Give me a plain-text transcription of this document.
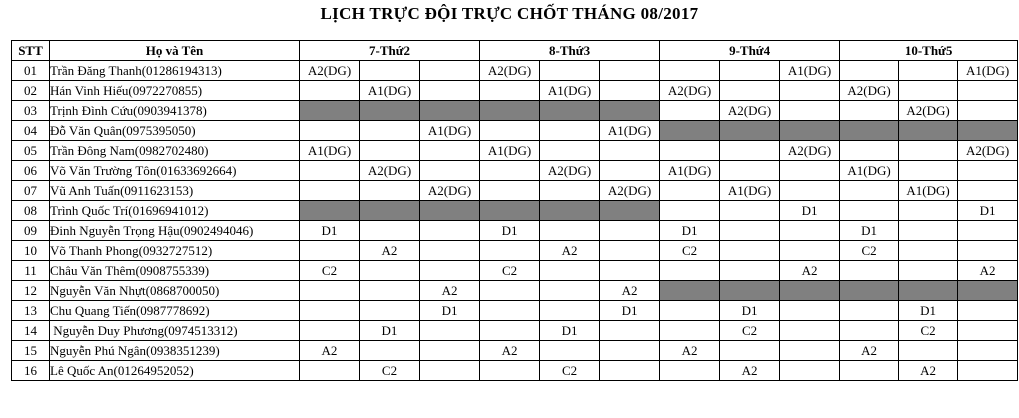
LỊCH TRỰC ĐỘI TRỰC CHỐT THÁNG 08/2017
STT	Họ và Tên	7-Thứ2			8-Thứ3			9-Thứ4			10-Thứ5		
01	Trần Đăng Thanh(01286194313)	A2(DG)			A2(DG)					A1(DG)			A1(DG)
02	Hán Vinh Hiếu(0972270855)		A1(DG)			A1(DG)		A2(DG)			A2(DG)		
03	Trịnh Đình Cứu(0903941378)								A2(DG)			A2(DG)	
04	Đỗ Văn Quân(0975395050)			A1(DG)			A1(DG)						
05	Trần Đông Nam(0982702480)	A1(DG)			A1(DG)					A2(DG)			A2(DG)
06	Võ Văn Trường Tôn(01633692664)		A2(DG)			A2(DG)		A1(DG)			A1(DG)		
07	Vũ Anh Tuấn(0911623153)			A2(DG)			A2(DG)		A1(DG)			A1(DG)	
08	Trình Quốc Trí(01696941012)									D1			D1
09	Đinh Nguyễn Trọng Hậu(0902494046)	D1			D1			D1			D1		
10	Võ Thanh Phong(0932727512)		A2			A2		C2			C2		
11	Châu Văn Thêm(0908755339)	C2			C2					A2			A2
12	Nguyễn Văn Nhựt(0868700050)			A2			A2						
13	Chu Quang Tiến(0987778692)			D1			D1		D1			D1	
14	Nguyễn Duy Phương(0974513312)		D1			D1			C2			C2	
15	Nguyễn Phú Ngân(0938351239)	A2			A2			A2			A2		
16	Lê Quốc An(01264952052)		C2			C2			A2			A2	
